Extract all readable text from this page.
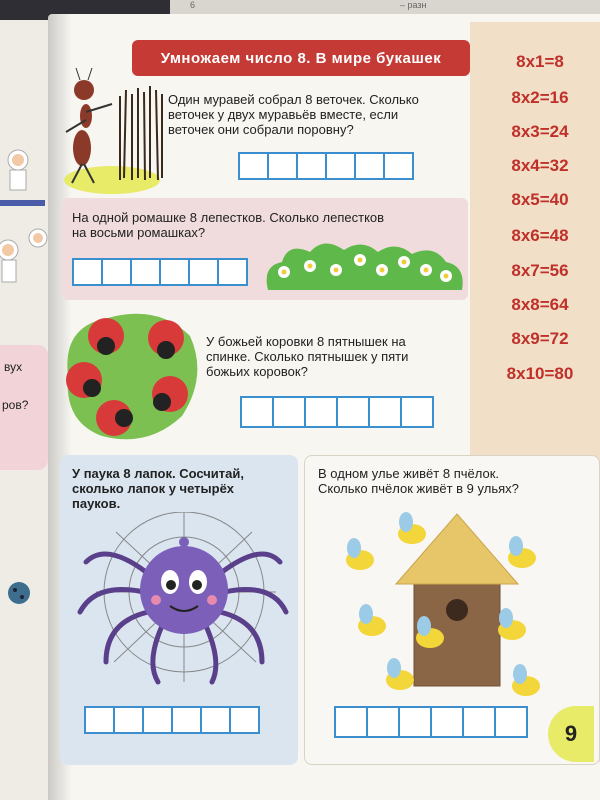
6	– разн
вух
ров?
Умножаем число 8. В мире букашек	8x1=8
8x2=16
8x3=24
8x4=32
8x5=40
8x6=48
8x7=56
8x8=64
8x9=72
8x10=80
Один муравей собрал 8 веточек. Сколько
веточек у двух муравьёв вместе, если
веточек они собрали поровну?
На одной ромашке 8 лепестков. Сколько лепестков
на восьми ромашках?
У божьей коровки 8 пятнышек на
спинке. Сколько пятнышек у пяти
божьих коровок?
У паука 8 лапок. Сосчитай,
сколько лапок у четырёх
пауков.
В одном улье живёт 8 пчёлок.
Сколько пчёлок живёт в 9 ульях?
9
